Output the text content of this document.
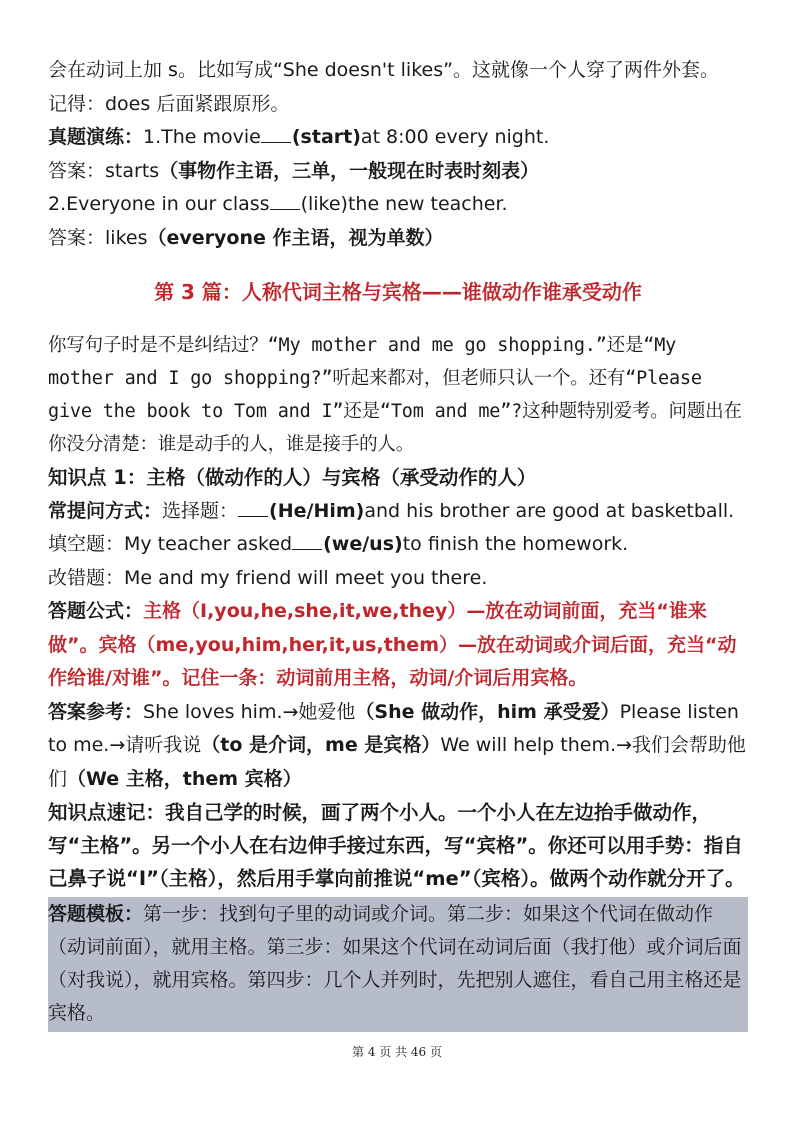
会在动词上加 s。比如写成“She doesn't likes”。这就像一个人穿了两件外套。

记得：does 后面紧跟原形。

真题演练：1.The movie (start)at 8:00 every night.

答案：starts（事物作主语，三单，一般现在时表时刻表）

2.Everyone in our class (like)the new teacher.

答案：likes（everyone 作主语，视为单数）

第 3 篇：人称代词主格与宾格——谁做动作谁承受动作

你写句子时是不是纠结过？“My mother and me go shopping.”还是“My mother and I go shopping?”听起来都对，但老师只认一个。还有“Please give the book to Tom and I”还是“Tom and me”?这种题特别爱考。问题出在你没分清楚：谁是动手的人，谁是接手的人。

知识点 1：主格（做动作的人）与宾格（承受动作的人）

常提问方式：选择题： (He/Him)and his brother are good at basketball.

填空题：My teacher asked (we/us)to finish the homework.

改错题：Me and my friend will meet you there.

答题公式：主格（I,you,he,she,it,we,they）—放在动词前面，充当“谁来做”。宾格（me,you,him,her,it,us,them）—放在动词或介词后面，充当“动作给谁/对谁”。记住一条：动词前用主格，动词/介词后用宾格。

答案参考：She loves him.→她爱他（She 做动作，him 承受爱）Please listen to me.→请听我说（to 是介词，me 是宾格）We will help them.→我们会帮助他们（We 主格，them 宾格）

知识点速记：我自己学的时候，画了两个小人。一个小人在左边抬手做动作，写“主格”。另一个小人在右边伸手接过东西，写“宾格”。你还可以用手势：指自己鼻子说“I”（主格），然后用手掌向前推说“me”（宾格）。做两个动作就分开了。

答题模板：第一步：找到句子里的动词或介词。第二步：如果这个代词在做动作（动词前面），就用主格。第三步：如果这个代词在动词后面（我打他）或介词后面（对我说），就用宾格。第四步：几个人并列时，先把别人遮住，看自己用主格还是宾格。

第 4 页 共 46 页
